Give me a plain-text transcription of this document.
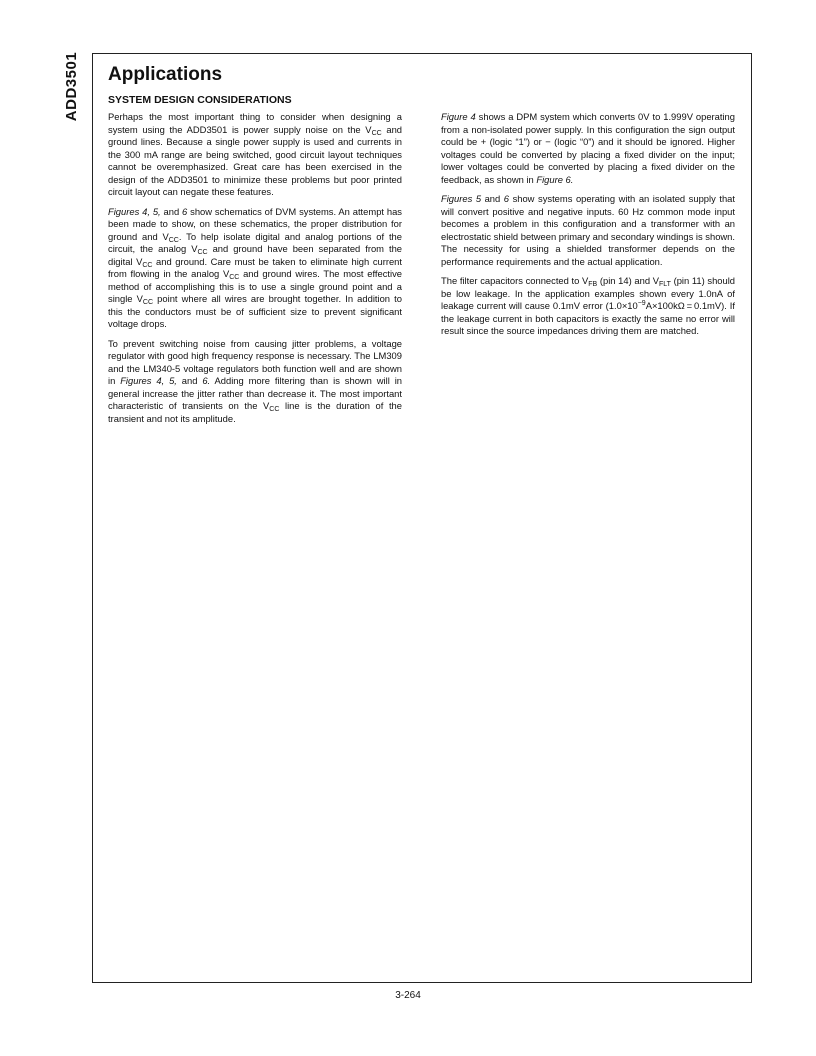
ADD3501 Applications
SYSTEM DESIGN CONSIDERATIONS

Perhaps the most important thing to consider when designing a system using the ADD3501 is power supply noise on the $V_{CC}$ and ground lines. Because a single power supply is used and currents in the 300 mA range are being switched, good circuit layout techniques cannot be overemphasized. Great care has been exercised in the design of the ADD3501 to minimize these problems but poor printed circuit layout can negate these features.

Figures 4, 5, and 6 show schematics of DVM systems. An attempt has been made to show, on these schematics, the proper distribution for ground and $V_{CC}$. To help isolate digital and analog portions of the circuit, the analog $V_{CC}$ and ground have been separated from the digital $V_{CC}$ and ground. Care must be taken to eliminate high current from flowing in the analog $V_{CC}$ and ground wires. The most effective method of accomplishing this is to use a single ground point and a single $V_{CC}$ point where all wires are brought together. In addition to this the conductors must be of sufficient size to prevent significant voltage drops.

To prevent switching noise from causing jitter problems, a voltage regulator with good high frequency response is necessary. The LM309 and the LM340-5 voltage regulators both function well and are shown in Figures 4, 5, and 6. Adding more filtering than is shown will in general increase the jitter rather than decrease it. The most important characteristic of transients on the $V_{CC}$ line is the duration of the transient and not its amplitude.

Figure 4 shows a DPM system which converts 0V to 1.999V operating from a non-isolated power supply. In this configuration the sign output could be + (logic “1”) or − (logic “0”) and it should be ignored. Higher voltages could be converted by placing a fixed divider on the input; lower voltages could be converted by placing a fixed divider on the feedback, as shown in Figure 6.

Figures 5 and 6 show systems operating with an isolated supply that will convert positive and negative inputs. 60 Hz common mode input becomes a problem in this configuration and a transformer with an electrostatic shield between primary and secondary windings is shown. The necessity for using a shielded transformer depends on the performance requirements and the actual application.

The filter capacitors connected to $V_{FB}$ (pin 14) and $V_{FLT}$ (pin 11) should be low leakage. In the application examples shown every 1.0nA of leakage current will cause 0.1mV error $(1.0\times 10^{-9}A\times 100k\Omega = 0.1mV)$. If the leakage current in both capacitors is exactly the same no error will result since the source impedances driving them are matched.

3-264
